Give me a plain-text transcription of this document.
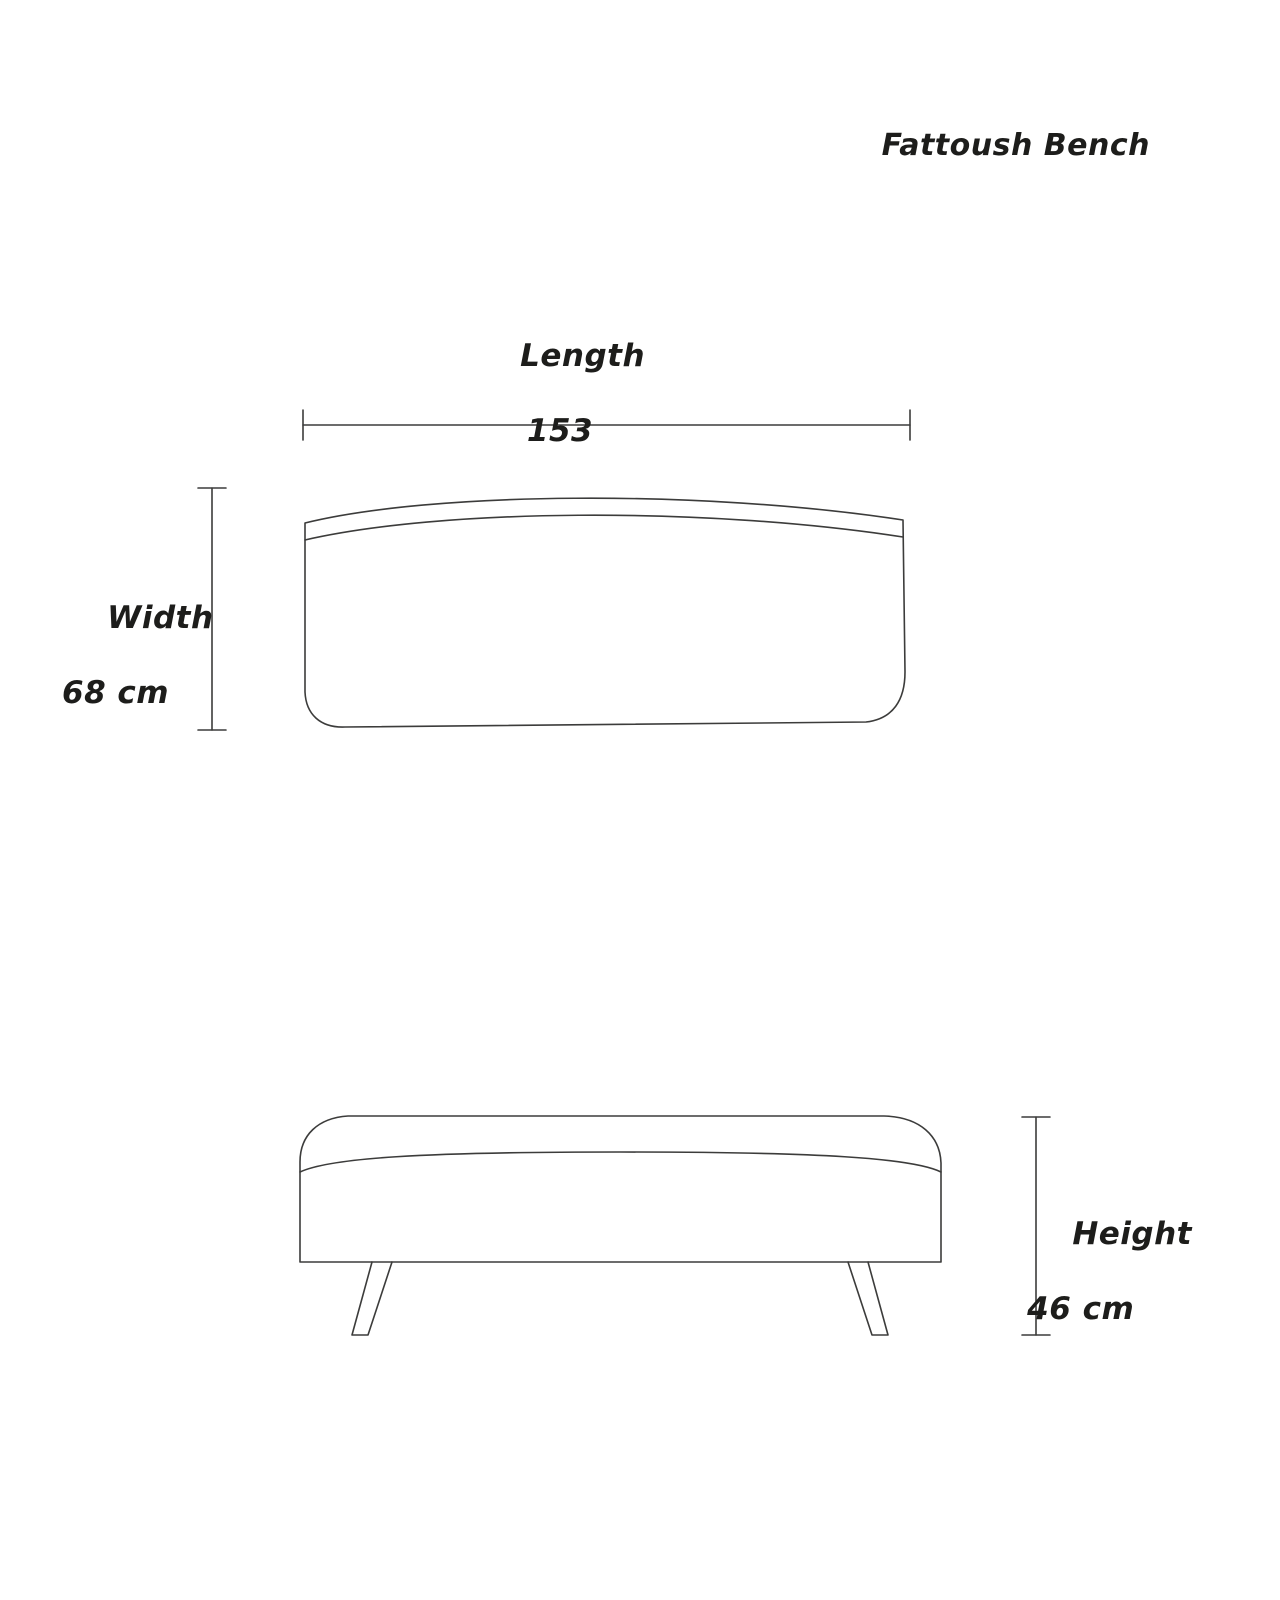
Fattoush Bench

Length

153

Width

68 cm

Height

46 cm
